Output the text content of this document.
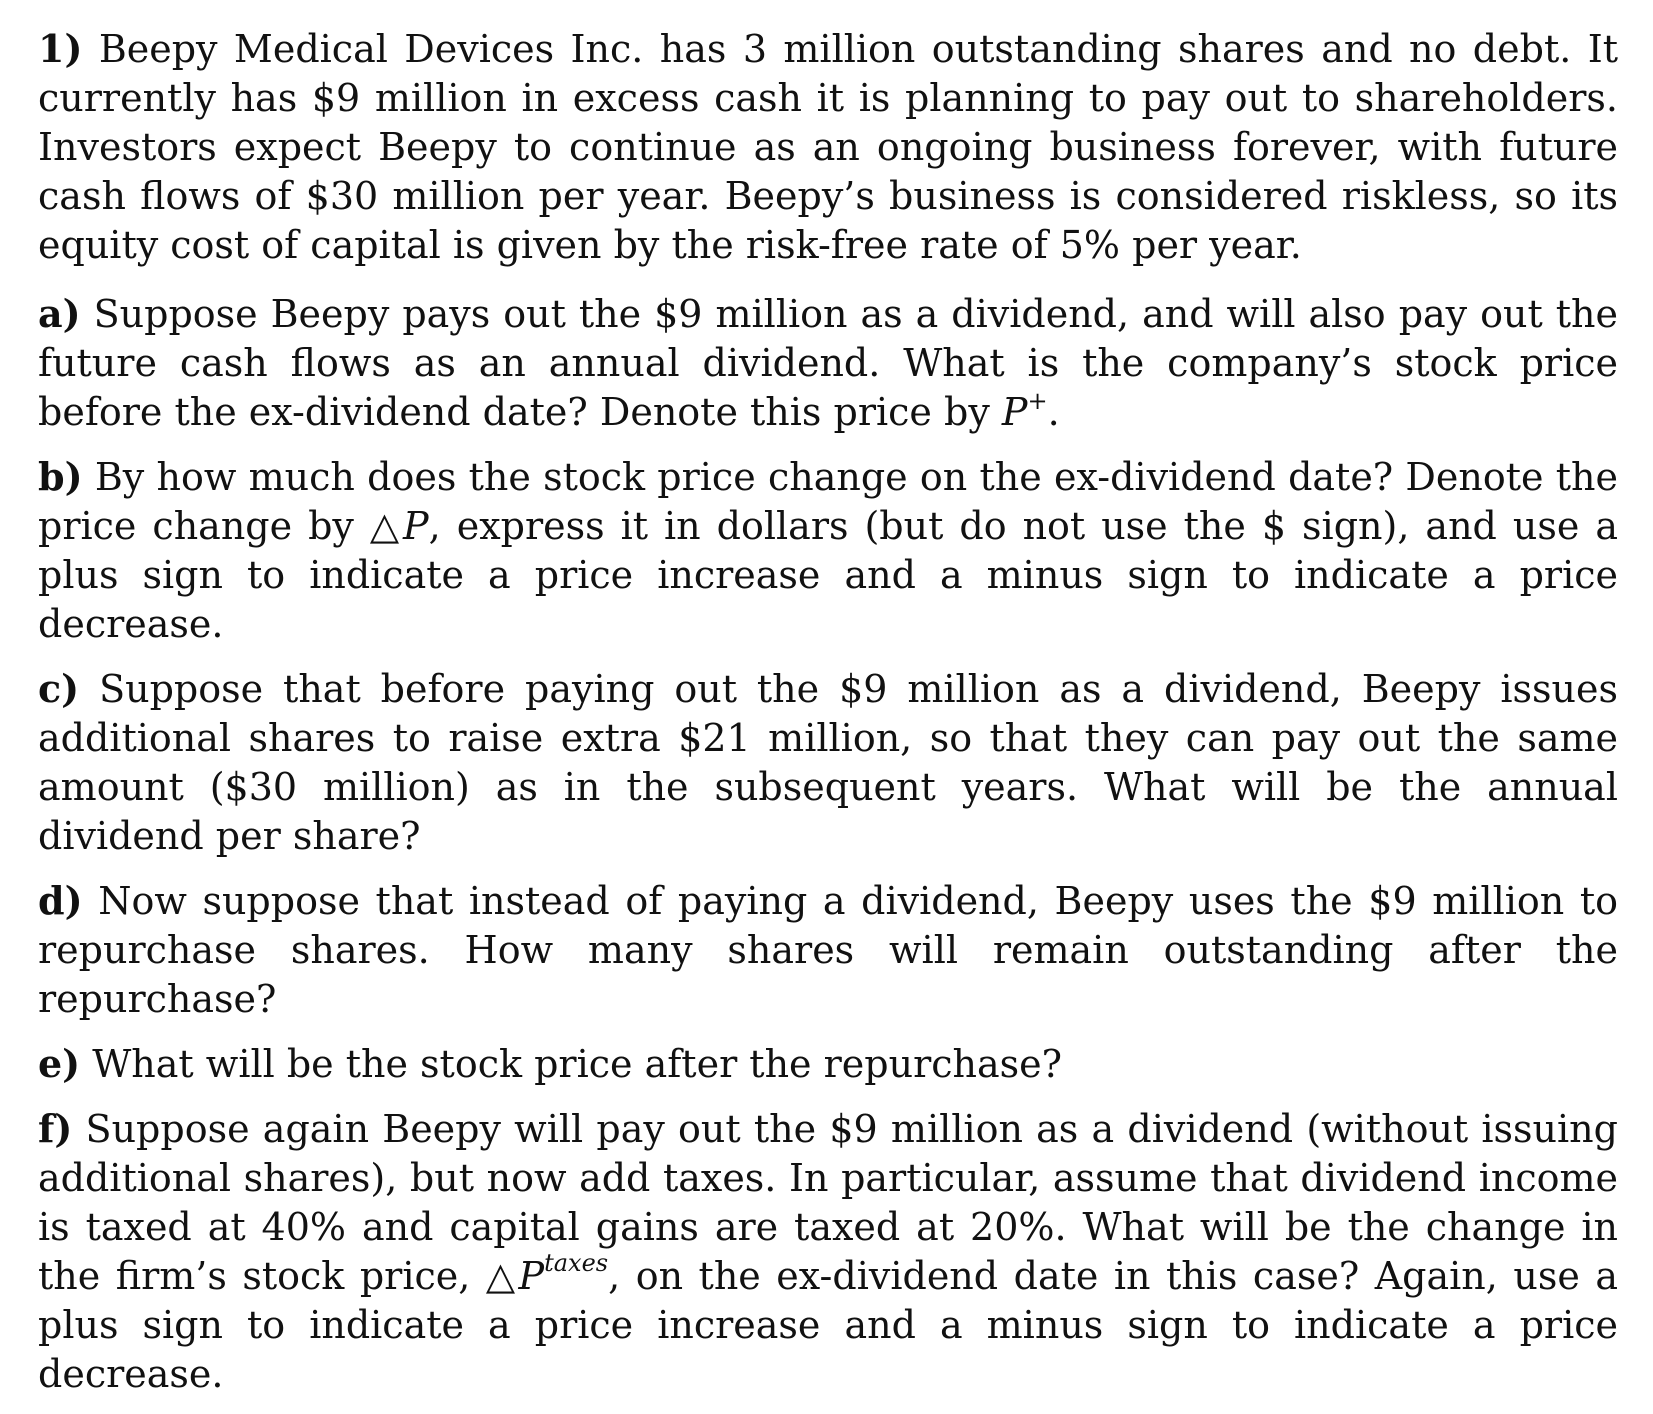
1) Beepy Medical Devices Inc. has 3 million outstanding shares and no debt. It currently has $9 million in excess cash it is planning to pay out to shareholders. Investors expect Beepy to continue as an ongoing business forever, with future cash flows of $30 million per year. Beepy’s business is considered riskless, so its equity cost of capital is given by the risk-free rate of 5% per year.

a) Suppose Beepy pays out the $9 million as a dividend, and will also pay out the future cash flows as an annual dividend. What is the company’s stock price before the ex-dividend date? Denote this price by P+.

b) By how much does the stock price change on the ex-dividend date? Denote the price change by △P, express it in dollars (but do not use the $ sign), and use a plus sign to indicate a price increase and a minus sign to indicate a price decrease.

c) Suppose that before paying out the $9 million as a dividend, Beepy issues additional shares to raise extra $21 million, so that they can pay out the same amount ($30 million) as in the subsequent years. What will be the annual dividend per share?

d) Now suppose that instead of paying a dividend, Beepy uses the $9 million to repurchase shares. How many shares will remain outstanding after the repurchase?

e) What will be the stock price after the repurchase?

f) Suppose again Beepy will pay out the $9 million as a dividend (without issuing additional shares), but now add taxes. In particular, assume that dividend income is taxed at 40% and capital gains are taxed at 20%. What will be the change in the firm’s stock price, $\triangle P^{taxes}$, on the ex-dividend date in this case? Again, use a plus sign to indicate a price increase and a minus sign to indicate a price decrease.
